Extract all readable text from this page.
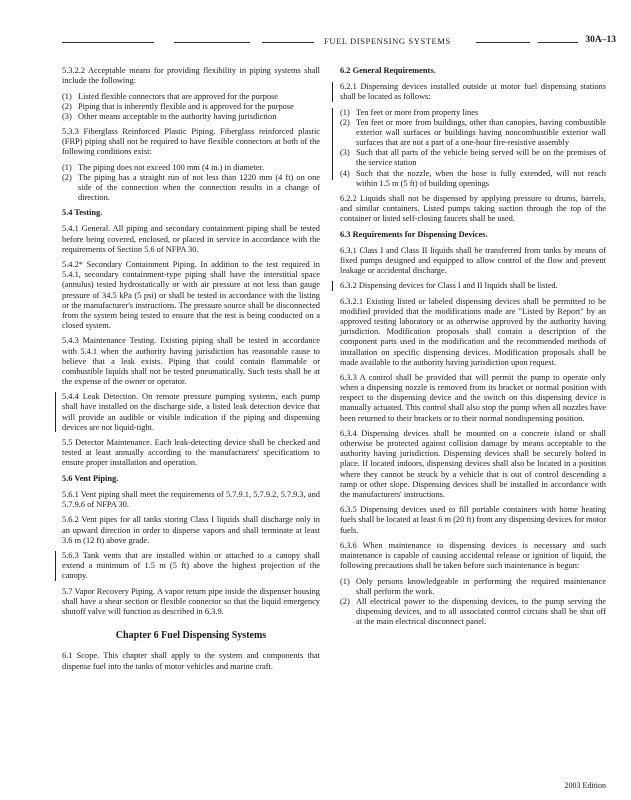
FUEL DISPENSING SYSTEMS	30A–13

5.3.2.2 Acceptable means for providing flexibility in piping systems shall include the following:

(1) Listed flexible connectors that are approved for the purpose
(2) Piping that is inherently flexible and is approved for the purpose
(3) Other means acceptable to the authority having jurisdiction

5.3.3 Fiberglass Reinforced Plastic Piping. Fiberglass reinforced plastic (FRP) piping shall not be required to have flexible connectors at both of the following conditions exist:

(1) The piping does not exceed 100 mm (4 in.) in diameter.
(2) The piping has a straight run of not less than 1220 mm (4 ft) on one side of the connection when the connection results in a change of direction.
5.4 Testing.

5.4.1 General. All piping and secondary containment piping shall be tested before being covered, enclosed, or placed in service in accordance with the requirements of Section 5.6 of NFPA 30.

5.4.2* Secondary Containment Piping. In addition to the test required in 5.4.1, secondary containment-type piping shall have the interstitial space (annulus) tested hydrostatically or with air pressure at not less than gauge pressure of 34.5 kPa (5 psi) or shall be tested in accordance with the listing or the manufacturer's instructions. The pressure source shall be disconnected from the system being tested to ensure that the test is being conducted on a closed system.

5.4.3 Maintenance Testing. Existing piping shall be tested in accordance with 5.4.1 when the authority having jurisdiction has reasonable cause to believe that a leak exists. Piping that could contain flammable or combustible liquids shall not be tested pneumatically. Such tests shall be at the expense of the owner or operator.

5.4.4 Leak Detection. On remote pressure pumping systems, each pump shall have installed on the discharge side, a listed leak detection device that will provide an audible or visible indication if the piping and dispensing devices are not liquid-tight.

5.5 Detector Maintenance. Each leak-detecting device shall be checked and tested at least annually according to the manufacturers' specifications to ensure proper installation and operation.

5.6 Vent Piping.

5.6.1 Vent piping shall meet the requirements of 5.7.9.1, 5.7.9.2, 5.7.9.3, and 5.7.9.6 of NFPA 30.

5.6.2 Vent pipes for all tanks storing Class I liquids shall discharge only in an upward direction in order to disperse vapors and shall terminate at least 3.6 m (12 ft) above grade.

5.6.3 Tank vents that are installed within or attached to a canopy shall extend a minimum of 1.5 m (5 ft) above the highest projection of the canopy.

5.7 Vapor Recovery Piping. A vapor return pipe inside the dispenser housing shall have a shear section or flexible connector so that the liquid emergency shutoff valve will function as described in 6.3.9.

Chapter 6 Fuel Dispensing Systems

6.1 Scope. This chapter shall apply to the system and components that dispense fuel into the tanks of motor vehicles and marine craft.

6.2 General Requirements.

6.2.1 Dispensing devices installed outside at motor fuel dispensing stations shall be located as follows:

(1) Ten feet or more from property lines
(2) Ten feet or more from buildings, other than canopies, having combustible exterior wall surfaces or buildings having noncombustible exterior wall surfaces that are not a part of a one-hour fire-resistive assembly
(3) Such that all parts of the vehicle being served will be on the premises of the service station
(4) Such that the nozzle, when the hose is fully extended, will not reach within 1.5 m (5 ft) of building openings

6.2.2 Liquids shall not be dispensed by applying pressure to drums, barrels, and similar containers. Listed pumps taking suction through the top of the container or listed self-closing faucets shall be used.

6.3 Requirements for Dispensing Devices.

6.3.1 Class I and Class II liquids shall be transferred from tanks by means of fixed pumps designed and equipped to allow control of the flow and prevent leakage or accidental discharge.

6.3.2 Dispensing devices for Class I and II liquids shall be listed.

6.3.2.1 Existing listed or labeled dispensing devices shall be permitted to be modified provided that the modifications made are "Listed by Report" by an approved testing laboratory or as otherwise approved by the authority having jurisdiction. Modification proposals shall contain a description of the component parts used in the modification and the recommended methods of installation on specific dispensing devices. Modification proposals shall be made available to the authority having jurisdiction upon request.

6.3.3 A control shall be provided that will permit the pump to operate only when a dispensing nozzle is removed from its bracket or normal position with respect to the dispensing device and the switch on this dispensing device is manually actuated. This control shall also stop the pump when all nozzles have been returned to their brackets or to their normal nondispensing position.

6.3.4 Dispensing devices shall be mounted on a concrete island or shall otherwise be protected against collision damage by means acceptable to the authority having jurisdiction. Dispensing devices shall be securely bolted in place. If located indoors, dispensing devices shall also be located in a position where they cannot be struck by a vehicle that is out of control descending a ramp or other slope. Dispensing devices shall be installed in accordance with the manufacturers' instructions.

6.3.5 Dispensing devices used to fill portable containers with home heating fuels shall be located at least 6 m (20 ft) from any dispensing devices for motor fuels.

6.3.6 When maintenance to dispensing devices is necessary and such maintenance is capable of causing accidental release or ignition of liquid, the following precautions shall be taken before such maintenance is begun:

(1) Only persons knowledgeable in performing the required maintenance shall perform the work.
(2) All electrical power to the dispensing devices, to the pump serving the dispensing devices, and to all associated control circuits shall be shut off at the main electrical disconnect panel.
2003 Edition
